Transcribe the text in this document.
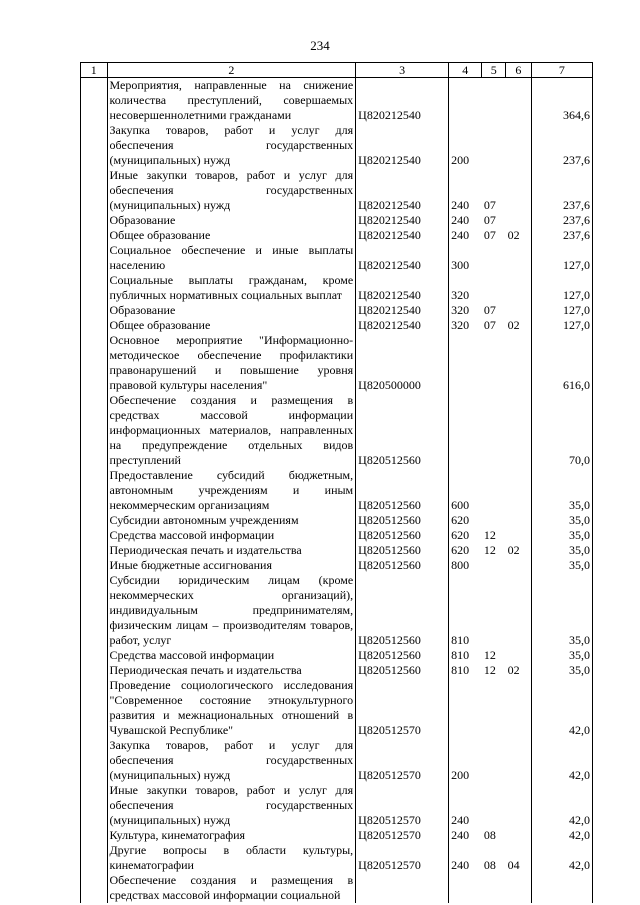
234
1	2	3	4	5	6	7
	Мероприятия, направленные на снижение количества преступлений, совершаемых несовершеннолетними гражданами	Ц820212540				364,6
	Закупка товаров, работ и услуг для обеспечения государственных (муниципальных) нужд	Ц820212540	200			237,6
	Иные закупки товаров, работ и услуг для обеспечения государственных (муниципальных) нужд	Ц820212540	240	07		237,6
	Образование	Ц820212540	240	07		237,6
	Общее образование	Ц820212540	240	07	02	237,6
	Социальное обеспечение и иные выплаты населению	Ц820212540	300			127,0
	Социальные выплаты гражданам, кроме публичных нормативных социальных выплат	Ц820212540	320			127,0
	Образование	Ц820212540	320	07		127,0
	Общее образование	Ц820212540	320	07	02	127,0
	Основное мероприятие "Информационно-методическое обеспечение профилактики правонарушений и повышение уровня правовой культуры населения"	Ц820500000				616,0
	Обеспечение создания и размещения в средствах массовой информации информационных материалов, направленных на предупреждение отдельных видов преступлений	Ц820512560				70,0
	Предоставление субсидий бюджетным, автономным учреждениям и иным некоммерческим организациям	Ц820512560	600			35,0
	Субсидии автономным учреждениям	Ц820512560	620			35,0
	Средства массовой информации	Ц820512560	620	12		35,0
	Периодическая печать и издательства	Ц820512560	620	12	02	35,0
	Иные бюджетные ассигнования	Ц820512560	800			35,0
	Субсидии юридическим лицам (кроме некоммерческих организаций), индивидуальным предпринимателям, физическим лицам – производителям товаров, работ, услуг	Ц820512560	810			35,0
	Средства массовой информации	Ц820512560	810	12		35,0
	Периодическая печать и издательства	Ц820512560	810	12	02	35,0
	Проведение социологического исследования "Современное состояние этнокультурного развития и межнациональных отношений в Чувашской Республике"	Ц820512570				42,0
	Закупка товаров, работ и услуг для обеспечения государственных (муниципальных) нужд	Ц820512570	200			42,0
	Иные закупки товаров, работ и услуг для обеспечения государственных (муниципальных) нужд	Ц820512570	240			42,0
	Культура, кинематография	Ц820512570	240	08		42,0
	Другие вопросы в области культуры, кинематографии	Ц820512570	240	08	04	42,0
	Обеспечение создания и размещения в средствах массовой информации социальной					
